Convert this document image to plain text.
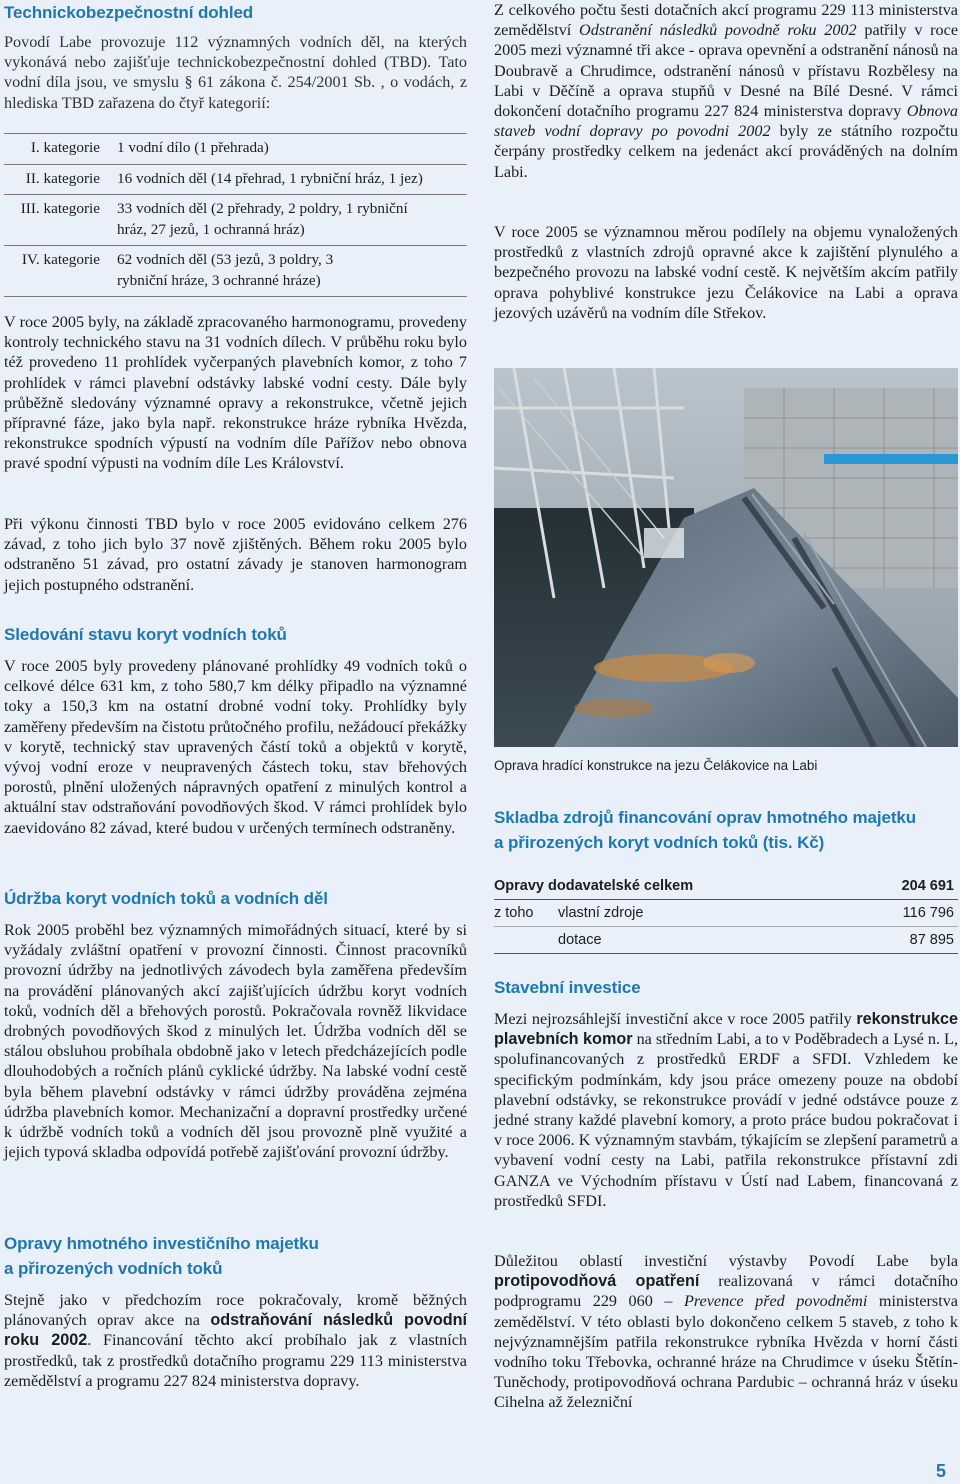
Technickobezpečnostní dohled

Povodí Labe provozuje 112 významných vodních děl, na kterých vykonává nebo zajišťuje technickobezpečnostní dohled (TBD). Tato vodní díla jsou, ve smyslu § 61 zákona č. 254/2001 Sb. , o vodách, z hlediska TBD zařazena do čtyř kategorií:

I. kategorie 1 vodní dílo (1 přehrada)
II. kategorie 16 vodních děl (14 přehrad, 1 rybniční hráz, 1 jez)
III. kategorie 33 vodních děl (2 přehrady, 2 poldry, 1 rybniční hráz, 27 jezů, 1 ochranná hráz)
IV. kategorie 62 vodních děl (53 jezů, 3 poldry, 3 rybniční hráze, 3 ochranné hráze)

V roce 2005 byly, na základě zpracovaného harmonogramu, provedeny kontroly technického stavu na 31 vodních dílech. V průběhu roku bylo též provedeno 11 prohlídek vyčerpaných plavebních komor, z toho 7 prohlídek v rámci plavební odstávky labské vodní cesty. Dále byly průběžně sledovány významné opravy a rekonstrukce, včetně jejich přípravné fáze, jako byla např. rekonstrukce hráze rybníka Hvězda, rekonstrukce spodních výpustí na vodním díle Pařížov nebo obnova pravé spodní výpusti na vodním díle Les Království.

Při výkonu činnosti TBD bylo v roce 2005 evidováno celkem 276 závad, z toho jich bylo 37 nově zjištěných. Během roku 2005 bylo odstraněno 51 závad, pro ostatní závady je stanoven harmonogram jejich postupného odstranění.

Sledování stavu koryt vodních toků

V roce 2005 byly provedeny plánované prohlídky 49 vodních toků o celkové délce 631 km, z toho 580,7 km délky připadlo na významné toky a 150,3 km na ostatní drobné vodní toky. Prohlídky byly zaměřeny především na čistotu průtočného profilu, nežádoucí překážky v korytě, technický stav upravených částí toků a objektů v korytě, vývoj vodní eroze v neupravených částech toku, stav břehových porostů, plnění uložených nápravných opatření z minulých kontrol a aktuální stav odstraňování povodňových škod. V rámci prohlídek bylo zaevidováno 82 závad, které budou v určených termínech odstraněny.

Údržba koryt vodních toků a vodních děl

Rok 2005 proběhl bez významných mimořádných situací, které by si vyžádaly zvláštní opatření v provozní činnosti. Činnost pracovníků provozní údržby na jednotlivých závodech byla zaměřena především na provádění plánovaných akcí zajišťujících údržbu koryt vodních toků, vodních děl a břehových porostů. Pokračovala rovněž likvidace drobných povodňových škod z minulých let. Údržba vodních děl se stálou obsluhou probíhala obdobně jako v letech předcházejících podle dlouhodobých a ročních plánů cyklické údržby. Na labské vodní cestě byla během plavební odstávky v rámci údržby prováděna zejména údržba plavebních komor. Mechanizační a dopravní prostředky určené k údržbě vodních toků a vodních děl jsou provozně plně využité a jejich typová skladba odpovídá potřebě zajišťování provozní údržby.

Opravy hmotného investičního majetku
a přirozených vodních toků

Stejně jako v předchozím roce pokračovaly, kromě běžných plánovaných oprav akce na odstraňování následků povodní roku 2002. Financování těchto akcí probíhalo jak z vlastních prostředků, tak z prostředků dotačního programu 229 113 ministerstva zemědělství a programu 227 824 ministerstva dopravy.

Z celkového počtu šesti dotačních akcí programu 229 113 ministerstva zemědělství Odstranění následků povodně roku 2002 patřily v roce 2005 mezi významné tři akce - oprava opevnění a odstranění nánosů na Doubravě a Chrudimce, odstranění nánosů v přístavu Rozbělesy na Labi v Děčíně a oprava stupňů v Desné na Bílé Desné. V rámci dokončení dotačního programu 227 824 ministerstva dopravy Obnova staveb vodní dopravy po povodni 2002 byly ze státního rozpočtu čerpány prostředky celkem na jedenáct akcí prováděných na dolním Labi.

V roce 2005 se významnou měrou podílely na objemu vynaložených prostředků z vlastních zdrojů opravné akce k zajištění plynulého a bezpečného provozu na labské vodní cestě. K největším akcím patřily oprava pohyblivé konstrukce jezu Čelákovice na Labi a oprava jezových uzávěrů na vodním díle Střekov.

Oprava hradící konstrukce na jezu Čelákovice na Labi
Skladba zdrojů financování oprav hmotného majetku
a přirozených koryt vodních toků (tis. Kč)
Opravy dodavatelské celkem	204 691
z toho vlastní zdroje	116 796
dotace	87 895
Stavební investice

Mezi nejrozsáhlejší investiční akce v roce 2005 patřily rekonstrukce plavebních komor na středním Labi, a to v Poděbradech a Lysé n. L, spolufinancovaných z prostředků ERDF a SFDI. Vzhledem ke specifickým podmínkám, kdy jsou práce omezeny pouze na období plavební odstávky, se rekonstrukce provádí v jedné odstávce pouze z jedné strany každé plavební komory, a proto práce budou pokračovat i v roce 2006. K významným stavbám, týkajícím se zlepšení parametrů a vybavení vodní cesty na Labi, patřila rekonstrukce přístavní zdi GANZA ve Východním přístavu v Ústí nad Labem, financovaná z prostředků SFDI.

Důležitou oblastí investiční výstavby Povodí Labe byla protipovodňová opatření realizovaná v rámci dotačního podprogramu 229 060 – Prevence před povodněmi ministerstva zemědělství. V této oblasti bylo dokončeno celkem 5 staveb, z toho k nejvýznamnějším patřila rekonstrukce rybníka Hvězda v horní části vodního toku Třebovka, ochranné hráze na Chrudimce v úseku Štětín-Tuněchody, protipovodňová ochrana Pardubic – ochranná hráz v úseku Cihelna až železniční

5
